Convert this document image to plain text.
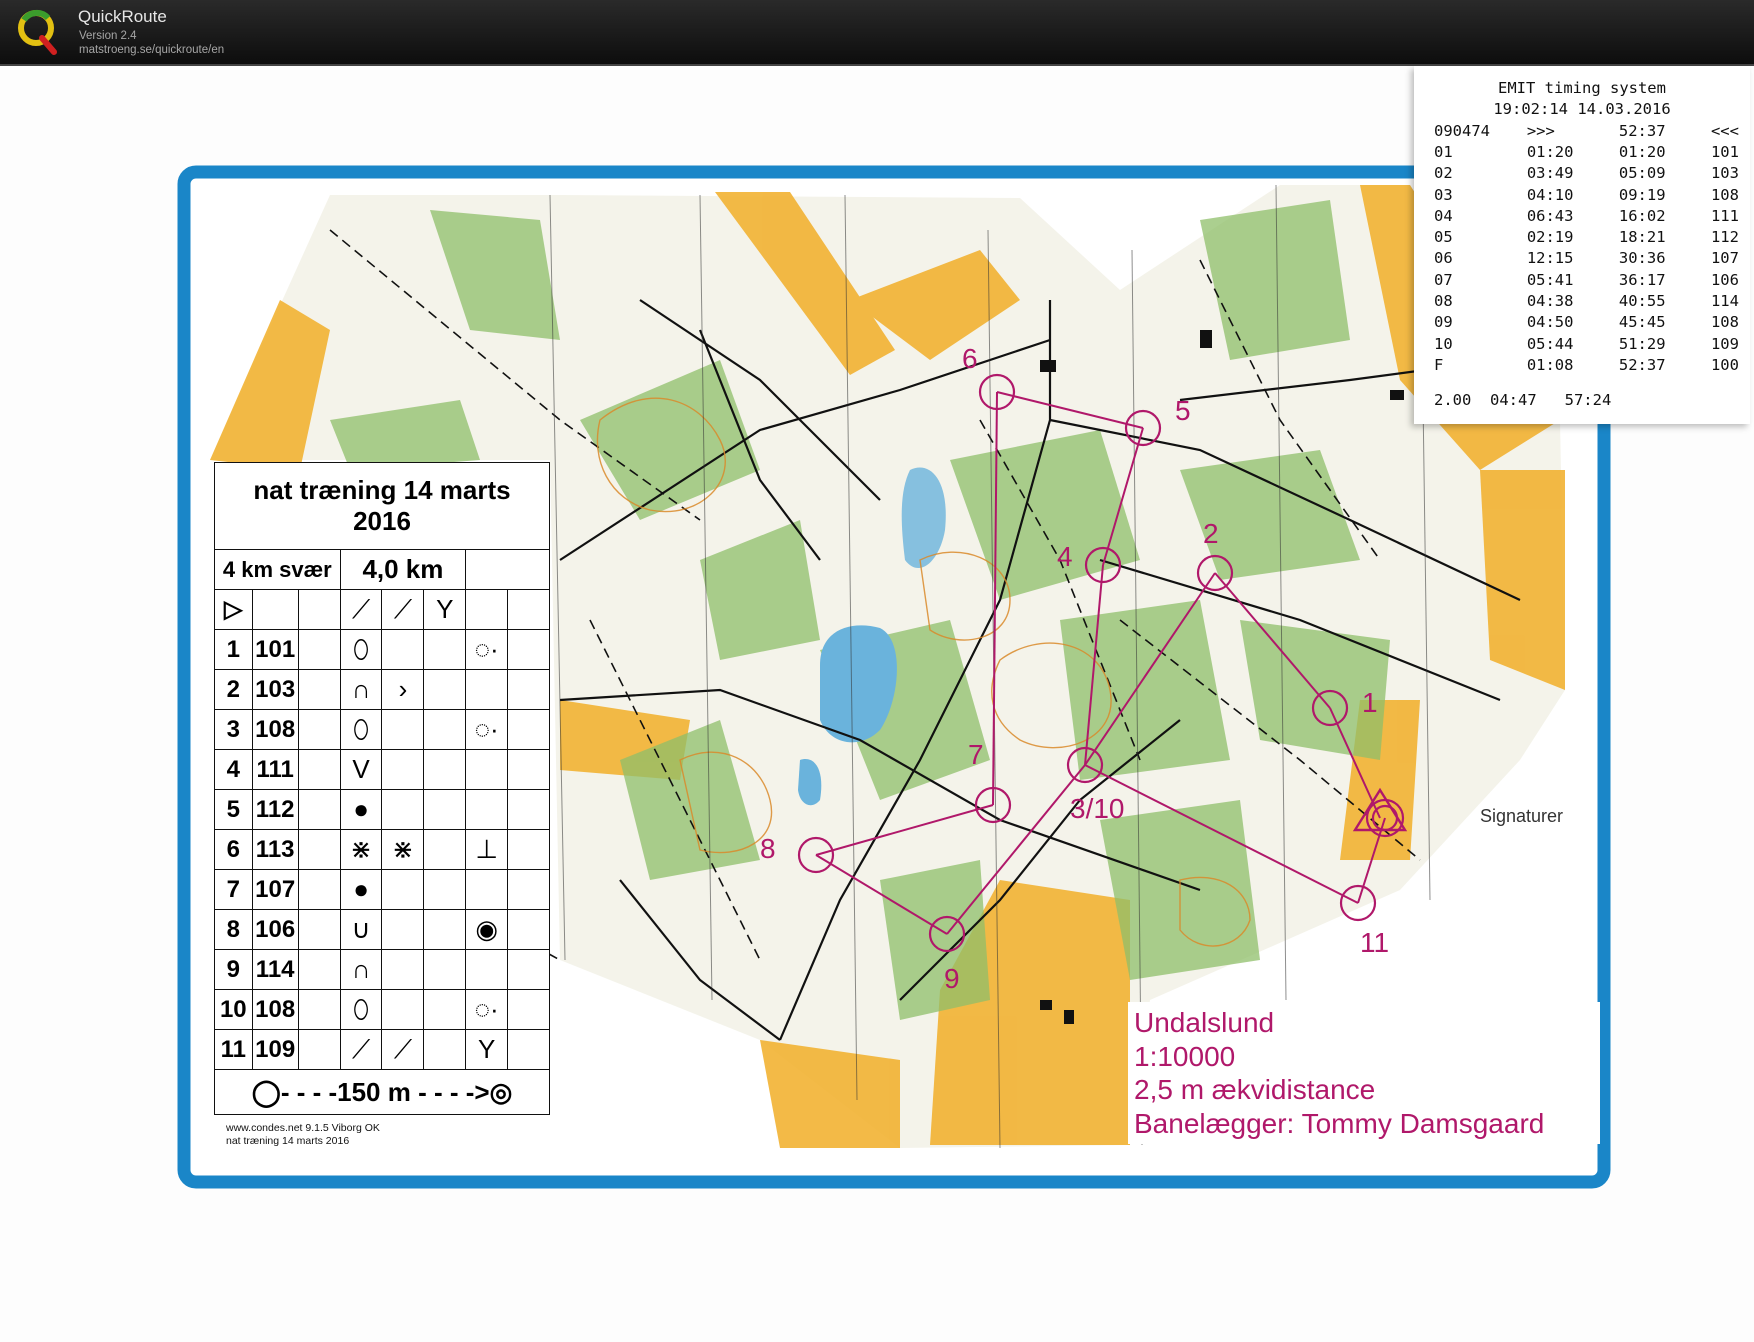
QuickRoute
Version 2.4
matstroeng.se/quickroute/en
1
2
3/10
4
5
6
7
8
9
11
nat træning 14 marts
2016							
4 km svær			4,0 km				
▷			⟋	⟋	Y		
1	101		⬯			◌·	
2	103		∩	›			
3	108		⬯			◌·	
4	111		V				
5	112		●				
6	113		⋇	⋇		⊥	
7	107		●				
8	106		∪			◉	
9	114		∩				
10	108		⬯			◌·	
11	109		⟋	⟋		Y	
◯- - - -150 m - - - ->◎							
www.condes.net 9.1.5 Viborg OK
nat træning 14 marts 2016
Signaturer
Undalslund
1:10000
2,5 m ækvidistance
Banelægger: Tommy Damsgaard
EMIT timing system
19:02:14 14.03.2016
090474	>>>	52:37	<<<
01	01:20	01:20	101
02	03:49	05:09	103
03	04:10	09:19	108
04	06:43	16:02	111
05	02:19	18:21	112
06	12:15	30:36	107
07	05:41	36:17	106
08	04:38	40:55	114
09	04:50	45:45	108
10	05:44	51:29	109
F	01:08	52:37	100
2.00  04:47   57:24
